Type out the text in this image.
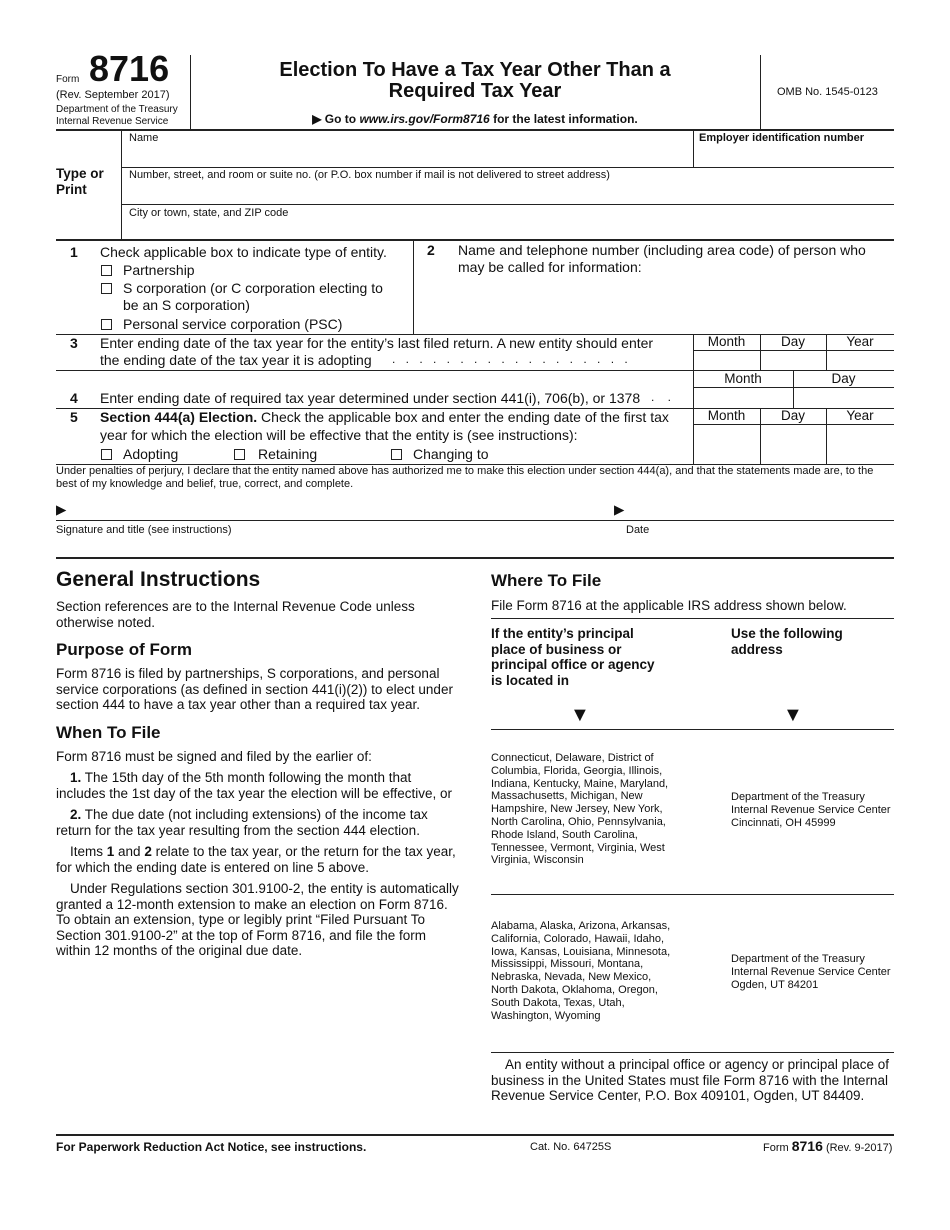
Form 8716
(Rev. September 2017)
Department of the Treasury
Internal Revenue Service
Election To Have a Tax Year Other Than a
Required Tax Year
▶ Go to www.irs.gov/Form8716 for the latest information.
OMB No. 1545-0123
Type or Print
Name	Employer identification number
Number, street, and room or suite no. (or P.O. box number if mail is not delivered to street address)
City or town, state, and ZIP code
1 Check applicable box to indicate type of entity.
Partnership
S corporation (or C corporation electing to
be an S corporation)
Personal service corporation (PSC)
2 Name and telephone number (including area code) of person who
may be called for information:
3 Enter ending date of the tax year for the entity’s last filed return. A new entity should enter
the ending date of the tax year it is adopting . . . . . . . . . . . . . . . . . .
Month	Day	Year
Month	Day
4 Enter ending date of required tax year determined under section 441(i), 706(b), or 1378 . .
5 Section 444(a) Election. Check the applicable box and enter the ending date of the first tax
year for which the election will be effective that the entity is (see instructions):
Adopting	Retaining	Changing to
Month	Day	Year
Under penalties of perjury, I declare that the entity named above has authorized me to make this election under section 444(a), and that the statements made are, to the best of my knowledge and belief, true, correct, and complete.
▶	▶
Signature and title (see instructions)	Date
General Instructions
Section references are to the Internal Revenue Code unless otherwise noted.
Purpose of Form
Form 8716 is filed by partnerships, S corporations, and personal service corporations (as defined in section 441(i)(2)) to elect under section 444 to have a tax year other than a required tax year.
When To File
Form 8716 must be signed and filed by the earlier of:
1. The 15th day of the 5th month following the month that includes the 1st day of the tax year the election will be effective, or
2. The due date (not including extensions) of the income tax return for the tax year resulting from the section 444 election.
Items 1 and 2 relate to the tax year, or the return for the tax year, for which the ending date is entered on line 5 above.
Under Regulations section 301.9100-2, the entity is automatically granted a 12-month extension to make an election on Form 8716. To obtain an extension, type or legibly print “Filed Pursuant To Section 301.9100-2” at the top of Form 8716, and file the form within 12 months of the original due date.
Where To File
File Form 8716 at the applicable IRS address shown below.
If the entity’s principal place of business or principal office or agency is located in
Use the following address
▼	▼
Connecticut, Delaware, District of Columbia, Florida, Georgia, Illinois, Indiana, Kentucky, Maine, Maryland, Massachusetts, Michigan, New Hampshire, New Jersey, New York, North Carolina, Ohio, Pennsylvania, Rhode Island, South Carolina, Tennessee, Vermont, Virginia, West Virginia, Wisconsin
Department of the Treasury
Internal Revenue Service Center
Cincinnati, OH 45999
Alabama, Alaska, Arizona, Arkansas, California, Colorado, Hawaii, Idaho, Iowa, Kansas, Louisiana, Minnesota, Mississippi, Missouri, Montana, Nebraska, Nevada, New Mexico, North Dakota, Oklahoma, Oregon, South Dakota, Texas, Utah, Washington, Wyoming
Department of the Treasury
Internal Revenue Service Center
Ogden, UT 84201
An entity without a principal office or agency or principal place of business in the United States must file Form 8716 with the Internal Revenue Service Center, P.O. Box 409101, Ogden, UT 84409.
For Paperwork Reduction Act Notice, see instructions.	Cat. No. 64725S	Form 8716 (Rev. 9-2017)
